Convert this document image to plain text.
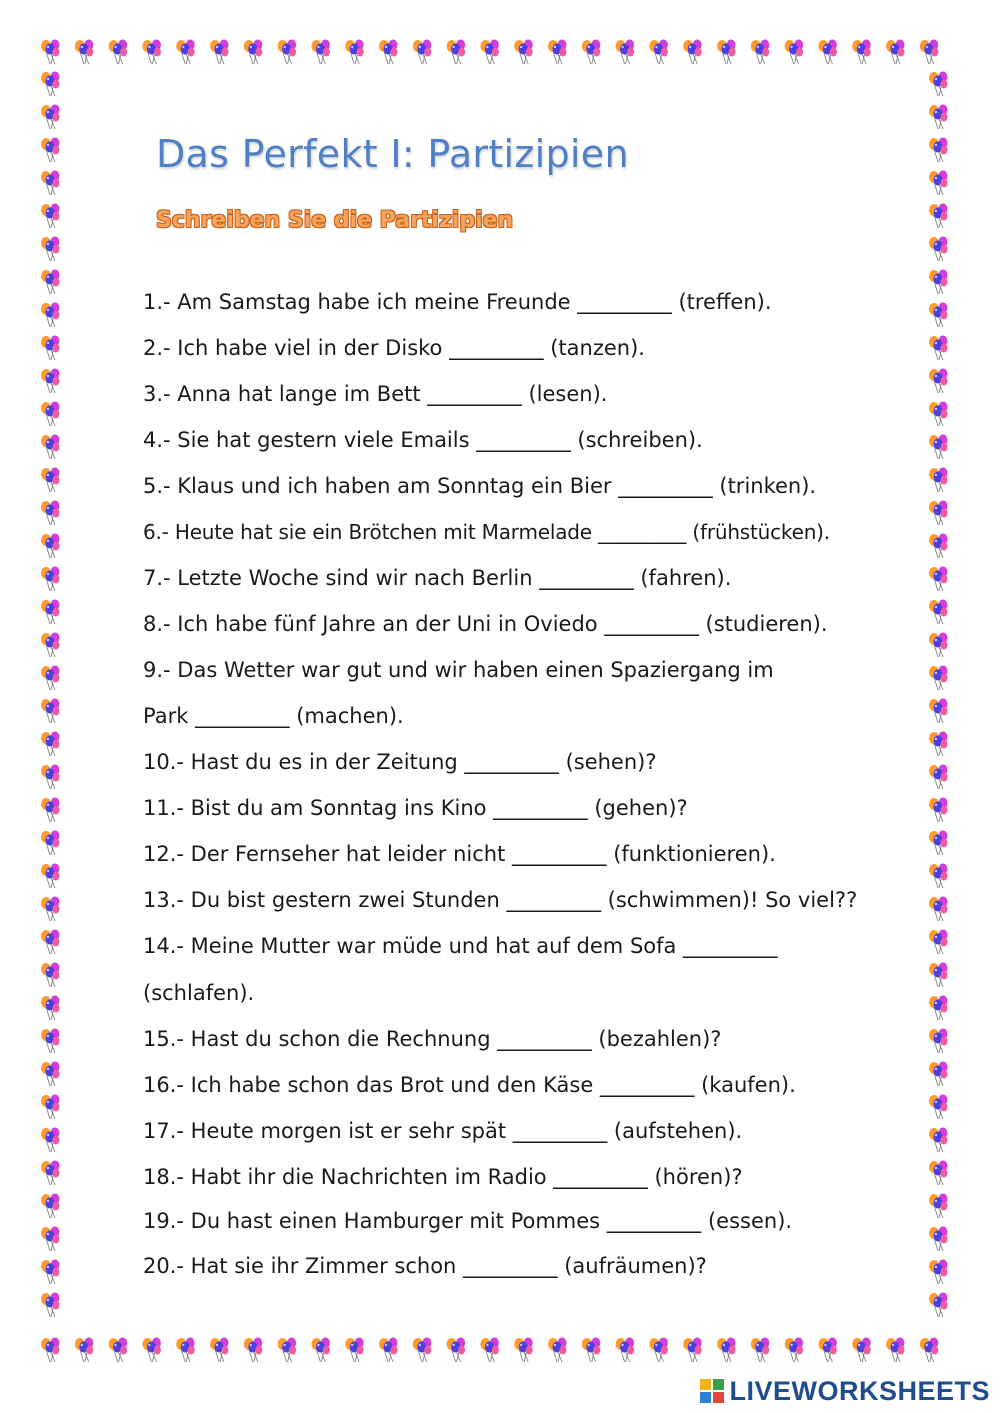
Das Perfekt I: Partizipien
Schreiben Sie die Partizipien
1.- Am Samstag habe ich meine Freunde _________ (treffen).
2.- Ich habe viel in der Disko _________ (tanzen).
3.- Anna hat lange im Bett _________ (lesen).
4.- Sie hat gestern viele Emails _________ (schreiben).
5.- Klaus und ich haben am Sonntag ein Bier _________ (trinken).
6.- Heute hat sie ein Brötchen mit Marmelade _________ (frühstücken).
7.- Letzte Woche sind wir nach Berlin _________ (fahren).
8.- Ich habe fünf Jahre an der Uni in Oviedo _________ (studieren).
9.- Das Wetter war gut und wir haben einen Spaziergang im
Park _________ (machen).
10.- Hast du es in der Zeitung _________ (sehen)?
11.- Bist du am Sonntag ins Kino _________ (gehen)?
12.- Der Fernseher hat leider nicht _________ (funktionieren).
13.- Du bist gestern zwei Stunden _________ (schwimmen)! So viel??
14.- Meine Mutter war müde und hat auf dem Sofa _________
(schlafen).
15.- Hast du schon die Rechnung _________ (bezahlen)?
16.- Ich habe schon das Brot und den Käse _________ (kaufen).
17.- Heute morgen ist er sehr spät _________ (aufstehen).
18.- Habt ihr die Nachrichten im Radio _________ (hören)?
19.- Du hast einen Hamburger mit Pommes _________ (essen).
20.- Hat sie ihr Zimmer schon _________ (aufräumen)?
LIVEWORKSHEETS
